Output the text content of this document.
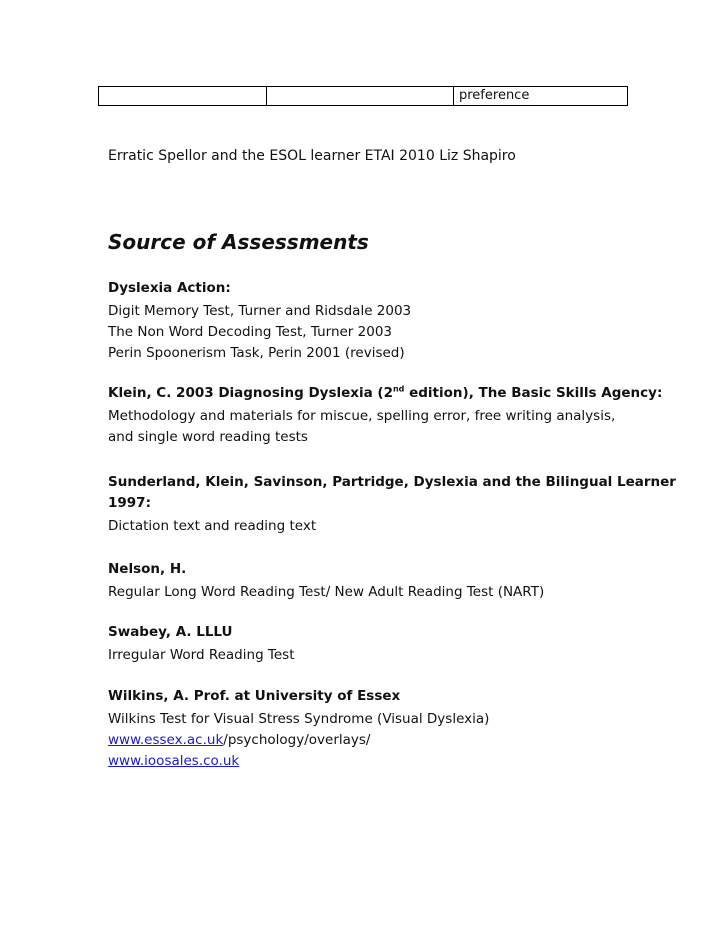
		preference
Erratic Spellor and the ESOL learner ETAI 2010 Liz Shapiro
Source of Assessments

Dyslexia Action:

Digit Memory Test, Turner and Ridsdale 2003
The Non Word Decoding Test, Turner 2003
Perin Spoonerism Task, Perin 2001 (revised)

Klein, C. 2003 Diagnosing Dyslexia (2nd edition), The Basic Skills Agency:

Methodology and materials for miscue, spelling error, free writing analysis,
and single word reading tests

Sunderland, Klein, Savinson, Partridge, Dyslexia and the Bilingual Learner
1997:

Dictation text and reading text

Nelson, H.

Regular Long Word Reading Test/ New Adult Reading Test (NART)

Swabey, A. LLLU

Irregular Word Reading Test

Wilkins, A. Prof. at University of Essex

Wilkins Test for Visual Stress Syndrome (Visual Dyslexia)
www.essex.ac.uk/psychology/overlays/
www.ioosales.co.uk
